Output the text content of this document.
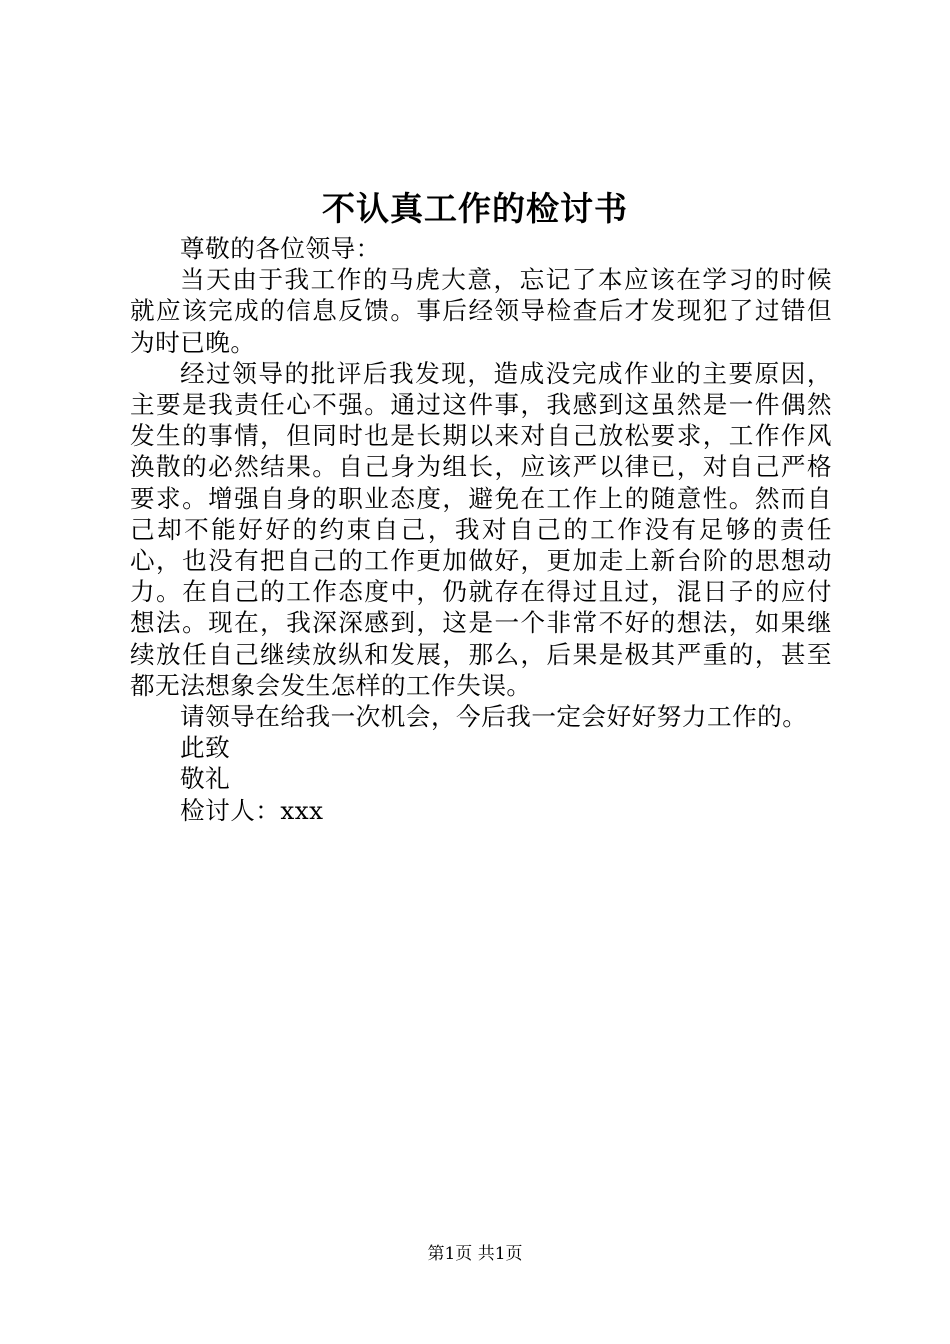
不认真工作的检讨书

尊敬的各位领导：

当天由于我工作的马虎大意，忘记了本应该在学习的时候就应该完成的信息反馈。事后经领导检查后才发现犯了过错但为时已晚。

经过领导的批评后我发现，造成没完成作业的主要原因，主要是我责任心不强。通过这件事，我感到这虽然是一件偶然发生的事情，但同时也是长期以来对自己放松要求，工作作风涣散的必然结果。自己身为组长，应该严以律已，对自己严格要求。增强自身的职业态度，避免在工作上的随意性。然而自己却不能好好的约束自己，我对自己的工作没有足够的责任心，也没有把自己的工作更加做好，更加走上新台阶的思想动力。在自己的工作态度中，仍就存在得过且过，混日子的应付想法。现在，我深深感到，这是一个非常不好的想法，如果继续放任自己继续放纵和发展，那么，后果是极其严重的，甚至都无法想象会发生怎样的工作失误。

请领导在给我一次机会，今后我一定会好好努力工作的。

此致

敬礼

检讨人：xxx

第1页 共1页
